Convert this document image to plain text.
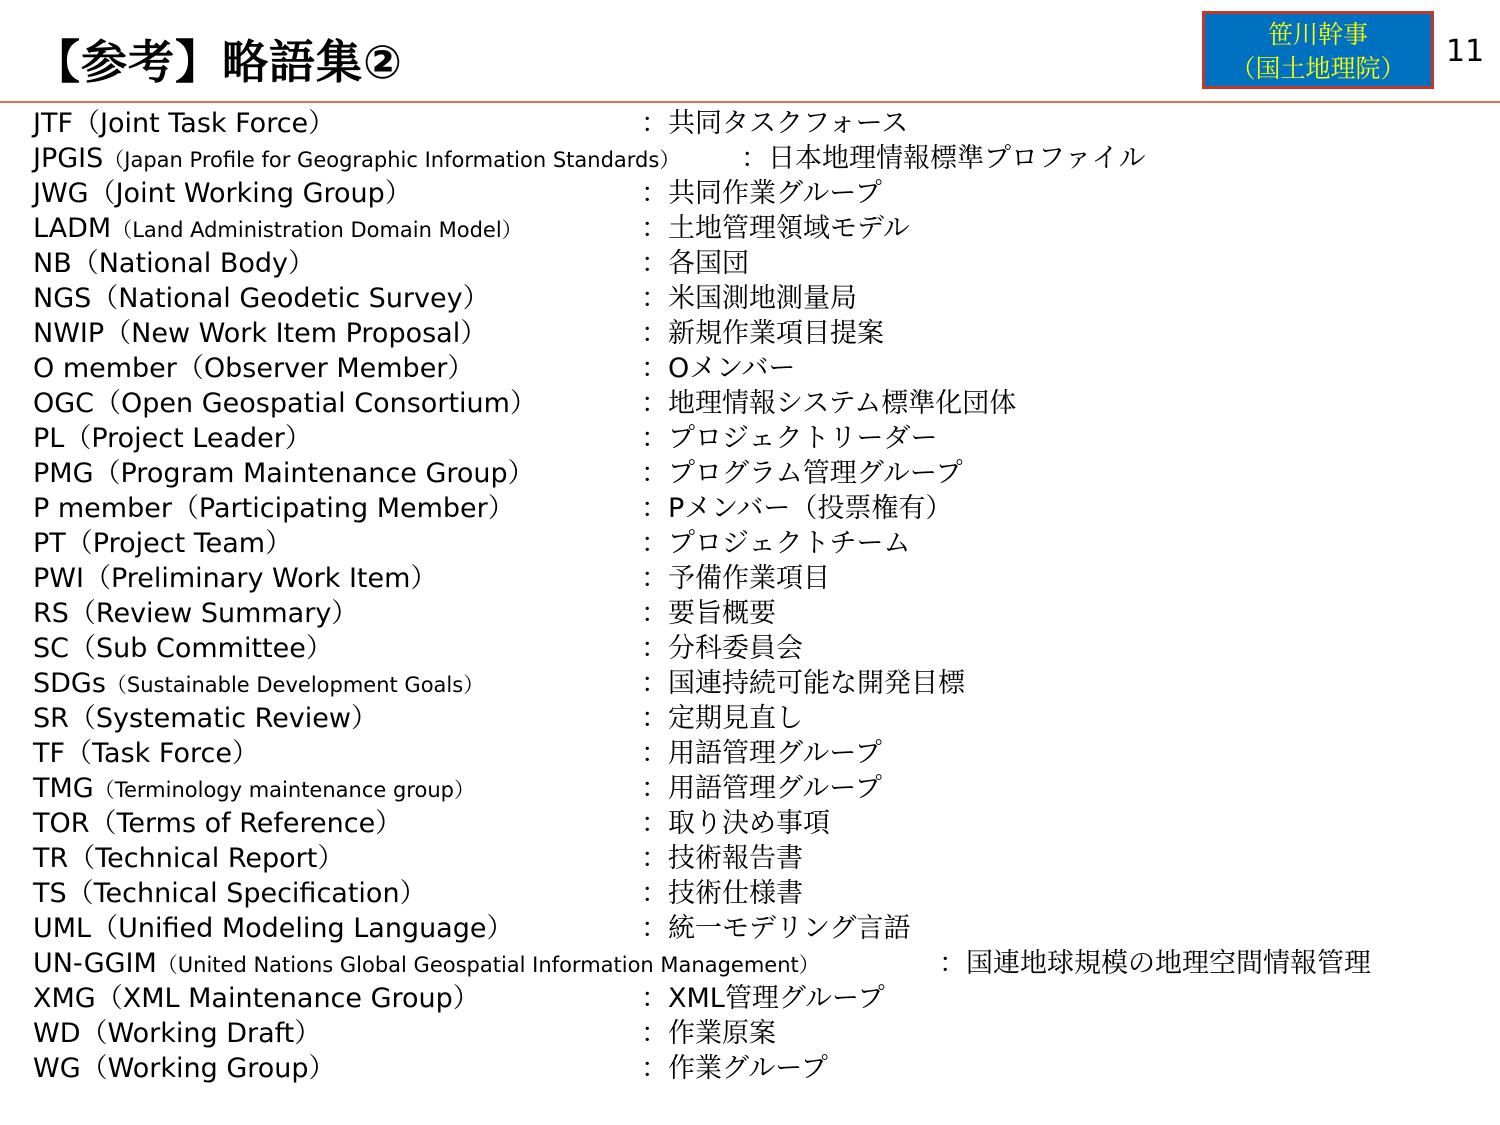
【参考】略語集②
笹川幹事
（国土地理院）	11
JTF（Joint Task Force）	：共同タスクフォース
JPGIS（Japan Profile for Geographic Information Standards） ：日本地理情報標準プロファイル
JWG（Joint Working Group）	：共同作業グループ
LADM（Land Administration Domain Model）	：土地管理領域モデル
NB（National Body）	：各国団
NGS（National Geodetic Survey）	：米国測地測量局
NWIP（New Work Item Proposal）	：新規作業項目提案
O member（Observer Member）	：Oメンバー
OGC（Open Geospatial Consortium）	：地理情報システム標準化団体
PL（Project Leader）	：プロジェクトリーダー
PMG（Program Maintenance Group）	：プログラム管理グループ
P member（Participating Member）	：Pメンバー（投票権有）
PT（Project Team）	：プロジェクトチーム
PWI（Preliminary Work Item）	：予備作業項目
RS（Review Summary）	：要旨概要
SC（Sub Committee）	：分科委員会
SDGs（Sustainable Development Goals）	：国連持続可能な開発目標
SR（Systematic Review）	：定期見直し
TF（Task Force）	：用語管理グループ
TMG（Terminology maintenance group）	：用語管理グループ
TOR（Terms of Reference）	：取り決め事項
TR（Technical Report）	：技術報告書
TS（Technical Specification）	：技術仕様書
UML（Unified Modeling Language）	：統一モデリング言語
UN-GGIM（United Nations Global Geospatial Information Management）	：国連地球規模の地理空間情報管理
XMG（XML Maintenance Group）	：XML管理グループ
WD（Working Draft）	：作業原案
WG（Working Group）	：作業グループ
